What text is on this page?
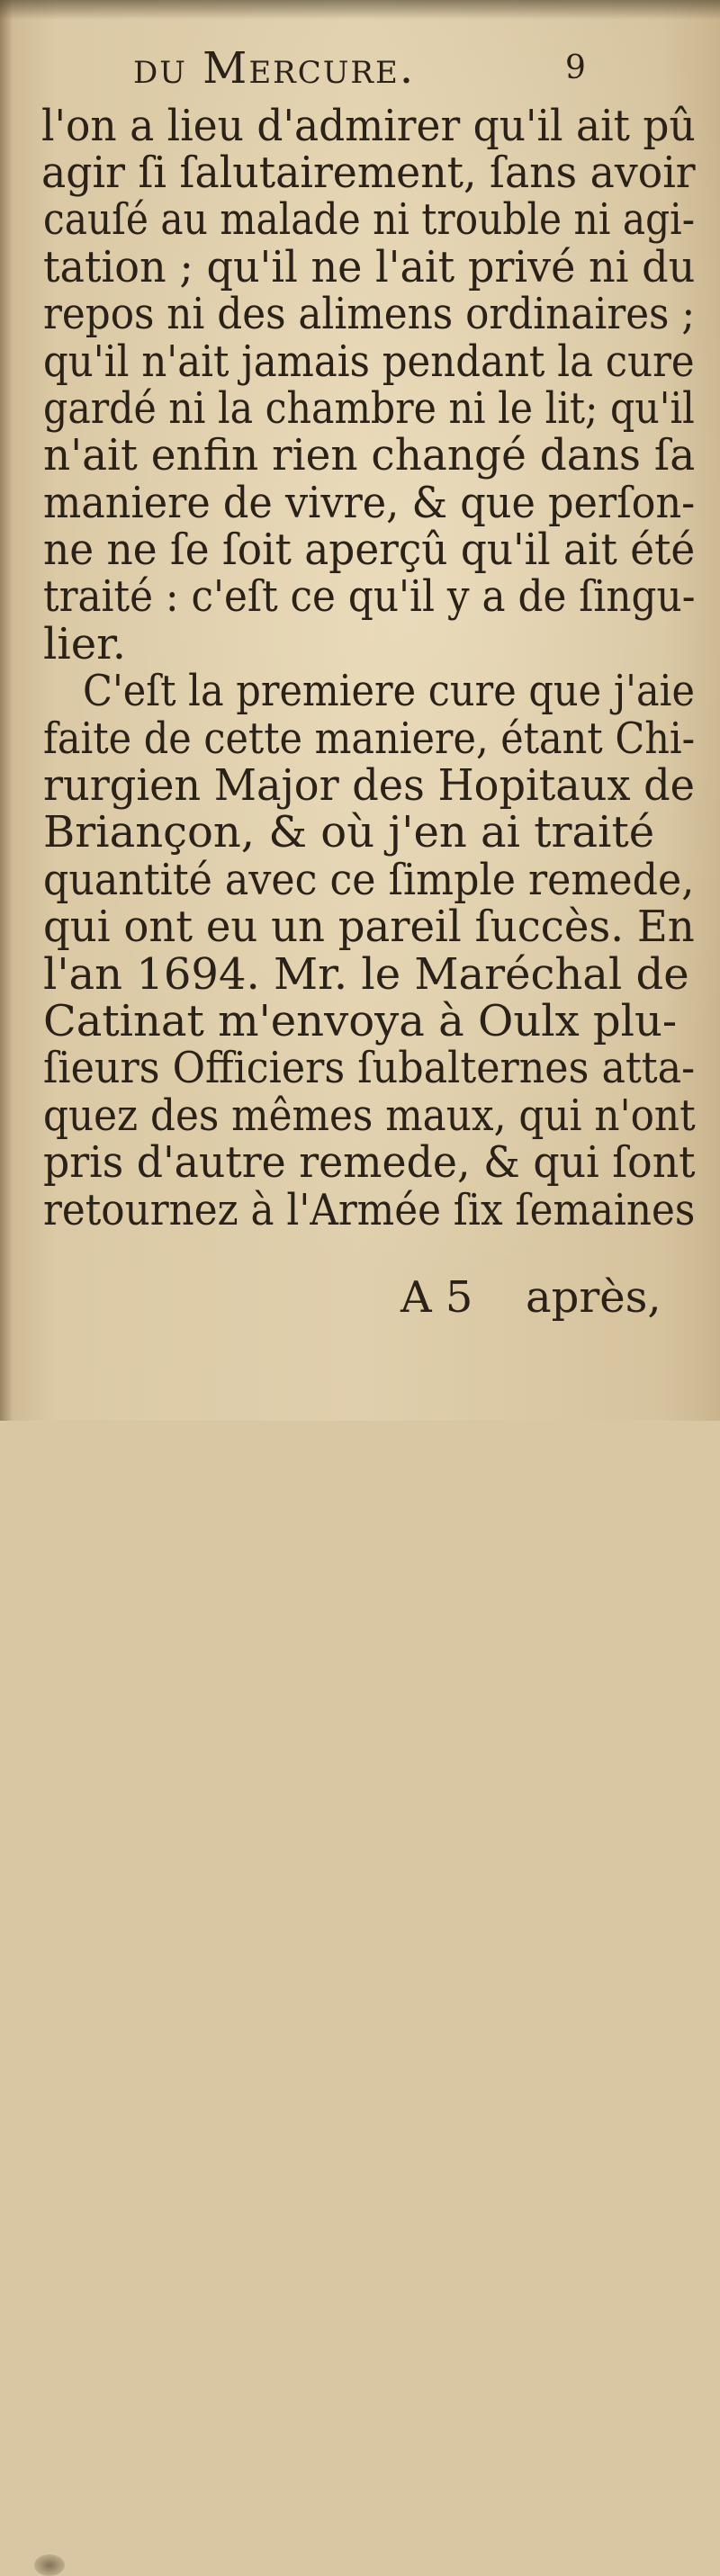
du Mercure.	9
l'on a lieu d'admirer qu'il ait pû
agir ſi ſalutairement, ſans avoir
cauſé au malade ni trouble ni agi-
tation ; qu'il ne l'ait privé ni du
repos ni des alimens ordinaires ;
qu'il n'ait jamais pendant la cure
gardé ni la chambre ni le lit; qu'il
n'ait enfin rien changé dans ſa
maniere de vivre, & que perſon-
ne ne ſe ſoit aperçû qu'il ait été
traité : c'eſt ce qu'il y a de ſingu-
lier.
C'eſt la premiere cure que j'aie
faite de cette maniere, étant Chi-
rurgien Major des Hopitaux de
Briançon, & où j'en ai traité
quantité avec ce ſimple remede,
qui ont eu un pareil ſuccès. En
l'an 1694. Mr. le Maréchal de
Catinat m'envoya à Oulx plu-
ſieurs Officiers ſubalternes atta-
quez des mêmes maux, qui n'ont
pris d'autre remede, & qui ſont
retournez à l'Armée ſix ſemaines
A 5 après,
